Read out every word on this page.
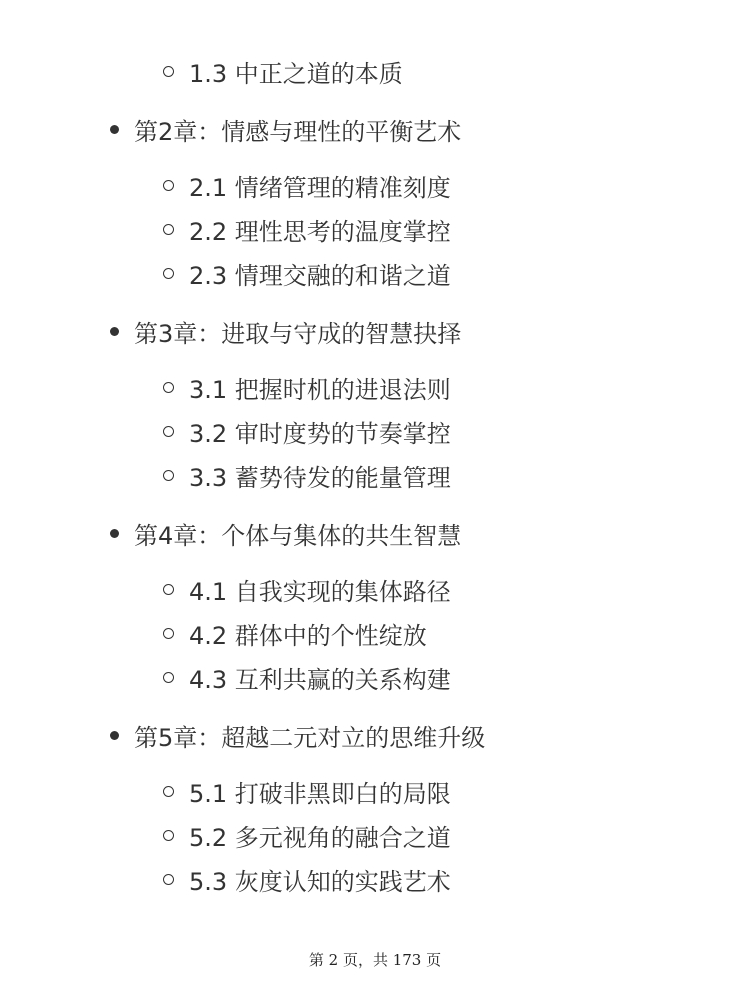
1.3 中正之道的本质
第2章：情感与理性的平衡艺术
2.1 情绪管理的精准刻度
2.2 理性思考的温度掌控
2.3 情理交融的和谐之道
第3章：进取与守成的智慧抉择
3.1 把握时机的进退法则
3.2 审时度势的节奏掌控
3.3 蓄势待发的能量管理
第4章：个体与集体的共生智慧
4.1 自我实现的集体路径
4.2 群体中的个性绽放
4.3 互利共赢的关系构建
第5章：超越二元对立的思维升级
5.1 打破非黑即白的局限
5.2 多元视角的融合之道
5.3 灰度认知的实践艺术
第 2 页，共 173 页
